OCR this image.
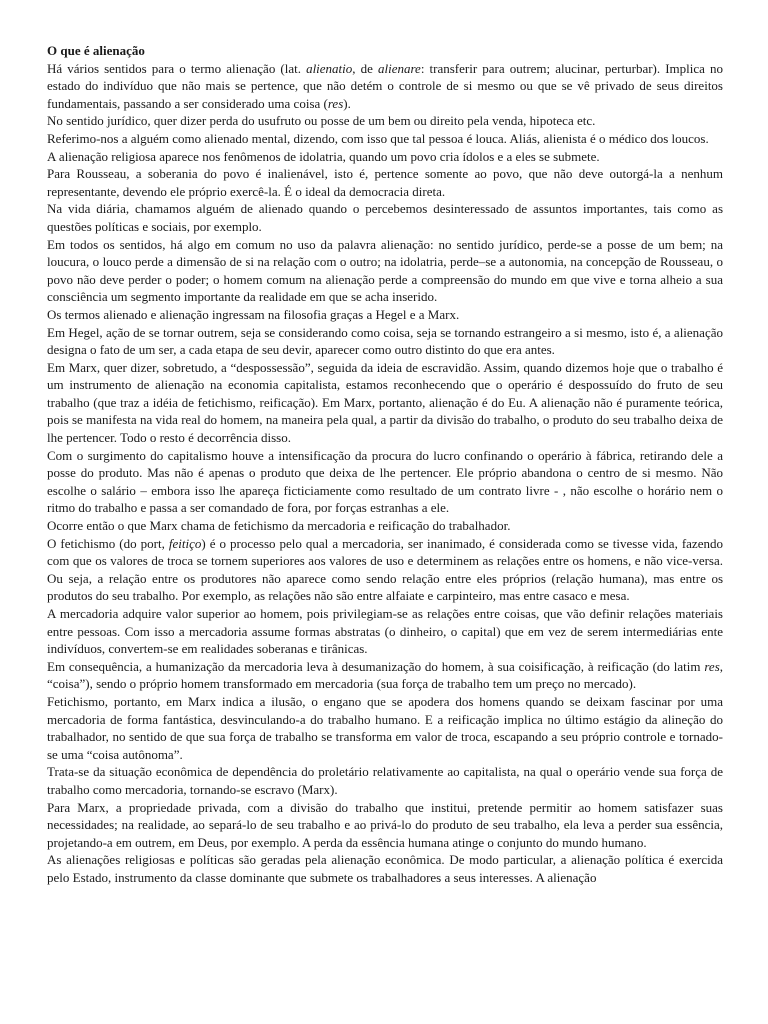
O que é alienação

Há vários sentidos para o termo alienação (lat. alienatio, de alienare: transferir para outrem; alucinar, perturbar). Implica no estado do indivíduo que não mais se pertence, que não detém o controle de si mesmo ou que se vê privado de seus direitos fundamentais, passando a ser considerado uma coisa (res).

No sentido jurídico, quer dizer perda do usufruto ou posse de um bem ou direito pela venda, hipoteca etc.

Referimo-nos a alguém como alienado mental, dizendo, com isso que tal pessoa é louca. Aliás, alienista é o médico dos loucos.

A alienação religiosa aparece nos fenômenos de idolatria, quando um povo cria ídolos e a eles se submete.

Para Rousseau, a soberania do povo é inalienável, isto é, pertence somente ao povo, que não deve outorgá-la a nenhum representante, devendo ele próprio exercê-la. É o ideal da democracia direta.

Na vida diária, chamamos alguém de alienado quando o percebemos desinteressado de assuntos importantes, tais como as questões políticas e sociais, por exemplo.

Em todos os sentidos, há algo em comum no uso da palavra alienação: no sentido jurídico, perde-se a posse de um bem; na loucura, o louco perde a dimensão de si na relação com o outro; na idolatria, perde–se a autonomia, na concepção de Rousseau, o povo não deve perder o poder; o homem comum na alienação perde a compreensão do mundo em que vive e torna alheio a sua consciência um segmento importante da realidade em que se acha inserido.

Os termos alienado e alienação ingressam na filosofia graças a Hegel e a Marx.

Em Hegel, ação de se tornar outrem, seja se considerando como coisa, seja se tornando estrangeiro a si mesmo, isto é, a alienação designa o fato de um ser, a cada etapa de seu devir, aparecer como outro distinto do que era antes.

Em Marx, quer dizer, sobretudo, a “despossessão”, seguida da ideia de escravidão. Assim, quando dizemos hoje que o trabalho é um instrumento de alienação na economia capitalista, estamos reconhecendo que o operário é despossuído do fruto de seu trabalho (que traz a idéia de fetichismo, reificação). Em Marx, portanto, alienação é do Eu. A alienação não é puramente teórica, pois se manifesta na vida real do homem, na maneira pela qual, a partir da divisão do trabalho, o produto do seu trabalho deixa de lhe pertencer. Todo o resto é decorrência disso.

Com o surgimento do capitalismo houve a intensificação da procura do lucro confinando o operário à fábrica, retirando dele a posse do produto. Mas não é apenas o produto que deixa de lhe pertencer. Ele próprio abandona o centro de si mesmo. Não escolhe o salário – embora isso lhe apareça ficticiamente como resultado de um contrato livre - , não escolhe o horário nem o ritmo do trabalho e passa a ser comandado de fora, por forças estranhas a ele.

Ocorre então o que Marx chama de fetichismo da mercadoria e reificação do trabalhador.

O fetichismo (do port, feitiço) é o processo pelo qual a mercadoria, ser inanimado, é considerada como se tivesse vida, fazendo com que os valores de troca se tornem superiores aos valores de uso e determinem as relações entre os homens, e não vice-versa. Ou seja, a relação entre os produtores não aparece como sendo relação entre eles próprios (relação humana), mas entre os produtos do seu trabalho. Por exemplo, as relações não são entre alfaiate e carpinteiro, mas entre casaco e mesa.

A mercadoria adquire valor superior ao homem, pois privilegiam-se as relações entre coisas, que vão definir relações materiais entre pessoas. Com isso a mercadoria assume formas abstratas (o dinheiro, o capital) que em vez de serem intermediárias ente indivíduos, convertem-se em realidades soberanas e tirânicas.

Em consequência, a humanização da mercadoria leva à desumanização do homem, à sua coisificação, à reificação (do latim res, “coisa”), sendo o próprio homem transformado em mercadoria (sua força de trabalho tem um preço no mercado).

Fetichismo, portanto, em Marx indica a ilusão, o engano que se apodera dos homens quando se deixam fascinar por uma mercadoria de forma fantástica, desvinculando-a do trabalho humano. E a reificação implica no último estágio da alineção do trabalhador, no sentido de que sua força de trabalho se transforma em valor de troca, escapando a seu próprio controle e tornado-se uma “coisa autônoma”.

Trata-se da situação econômica de dependência do proletário relativamente ao capitalista, na qual o operário vende sua força de trabalho como mercadoria, tornando-se escravo (Marx).

Para Marx, a propriedade privada, com a divisão do trabalho que institui, pretende permitir ao homem satisfazer suas necessidades; na realidade, ao separá-lo de seu trabalho e ao privá-lo do produto de seu trabalho, ela leva a perder sua essência, projetando-a em outrem, em Deus, por exemplo. A perda da essência humana atinge o conjunto do mundo humano.

As alienações religiosas e políticas são geradas pela alienação econômica. De modo particular, a alienação política é exercida pelo Estado, instrumento da classe dominante que submete os trabalhadores a seus interesses. A alienação
